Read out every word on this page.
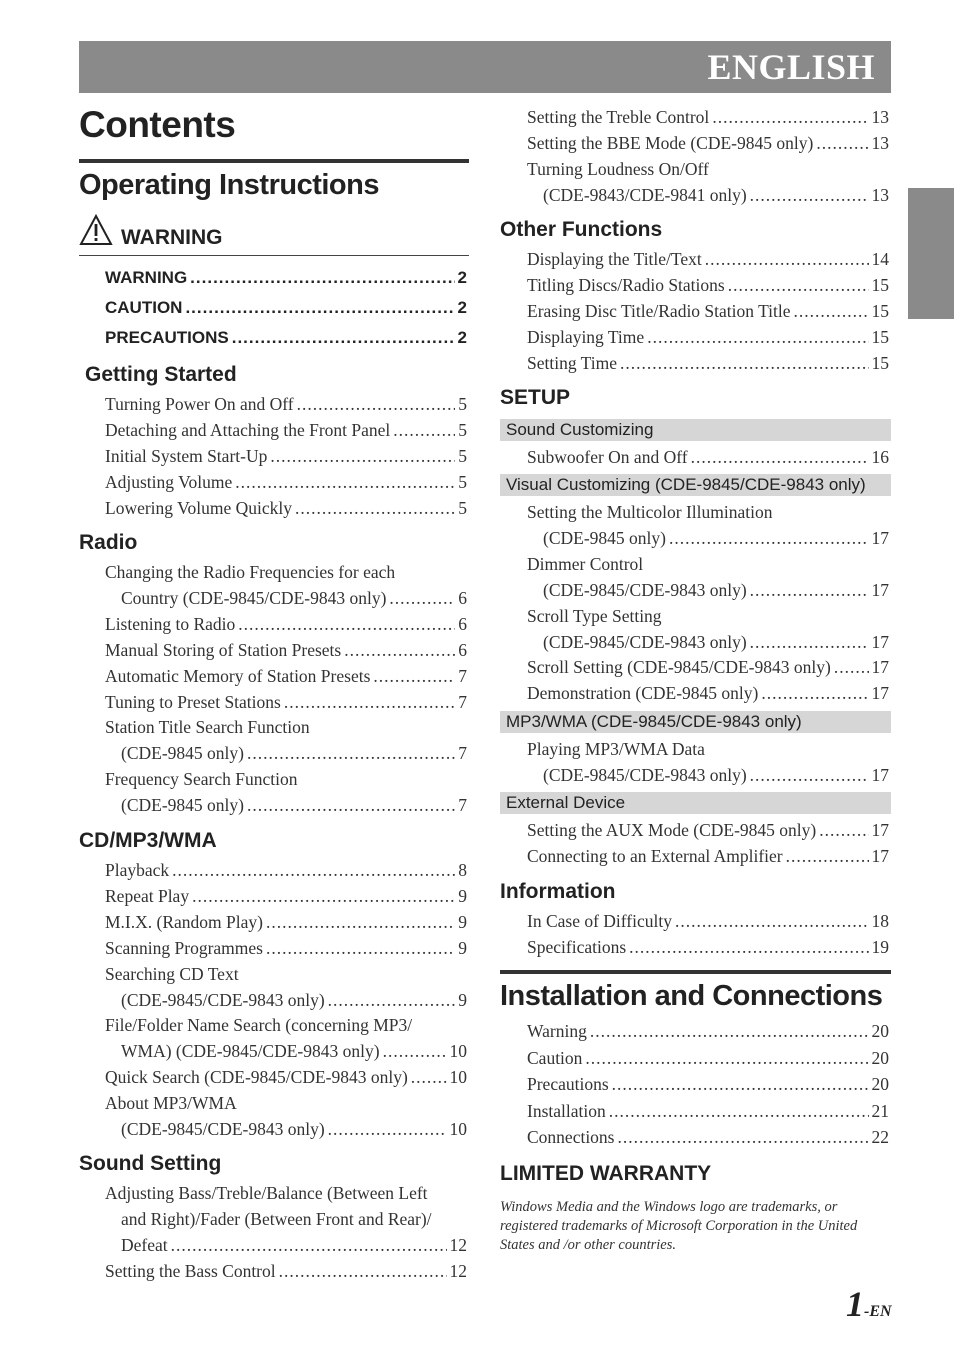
ENGLISH
Contents
Operating Instructions
WARNING
WARNING .....	2
CAUTION .....	2
PRECAUTIONS .....	2
Getting Started
Turning Power On and Off .....	5
Detaching and Attaching the Front Panel .....	5
Initial System Start-Up .....	5
Adjusting Volume .....	5
Lowering Volume Quickly .....	5
Radio
Changing the Radio Frequencies for each
Country (CDE-9845/CDE-9843 only) .....	6
Listening to Radio .....	6
Manual Storing of Station Presets .....	6
Automatic Memory of Station Presets .....	7
Tuning to Preset Stations .....	7
Station Title Search Function
(CDE-9845 only) .....	7
Frequency Search Function
(CDE-9845 only) .....	7
CD/MP3/WMA
Playback .....	8
Repeat Play .....	9
M.I.X. (Random Play) .....	9
Scanning Programmes .....	9
Searching CD Text
(CDE-9845/CDE-9843 only) .....	9
File/Folder Name Search (concerning MP3/
WMA) (CDE-9845/CDE-9843 only) .....	10
Quick Search (CDE-9845/CDE-9843 only) ..... 10
About MP3/WMA
(CDE-9845/CDE-9843 only) .....	10
Sound Setting
Adjusting Bass/Treble/Balance (Between Left
and Right)/Fader (Between Front and Rear)/
Defeat .....	12
Setting the Bass Control .....	12
Setting the Treble Control .....	13
Setting the BBE Mode (CDE-9845 only) .....	13
Turning Loudness On/Off
(CDE-9843/CDE-9841 only) .....	13
Other Functions
Displaying the Title/Text .....	14
Titling Discs/Radio Stations .....	15
Erasing Disc Title/Radio Station Title .....	15
Displaying Time .....	15
Setting Time .....	15
SETUP
Sound Customizing
Subwoofer On and Off .....	16
Visual Customizing (CDE-9845/CDE-9843 only)
Setting the Multicolor Illumination
(CDE-9845 only) .....	17
Dimmer Control
(CDE-9845/CDE-9843 only) .....	17
Scroll Type Setting
(CDE-9845/CDE-9843 only) .....	17
Scroll Setting (CDE-9845/CDE-9843 only) ..... 17
Demonstration (CDE-9845 only) .....	17
MP3/WMA (CDE-9845/CDE-9843 only)
Playing MP3/WMA Data
(CDE-9845/CDE-9843 only) .....	17
External Device
Setting the AUX Mode (CDE-9845 only) .....	17
Connecting to an External Amplifier .....	17
Information
In Case of Difficulty .....	18
Specifications .....	19
Installation and Connections
Warning .....	20
Caution .....	20
Precautions .....	20
Installation .....	21
Connections .....	22
LIMITED WARRANTY
Windows Media and the Windows logo are trademarks, or registered trademarks of Microsoft Corporation in the United States and /or other countries.
1-EN
